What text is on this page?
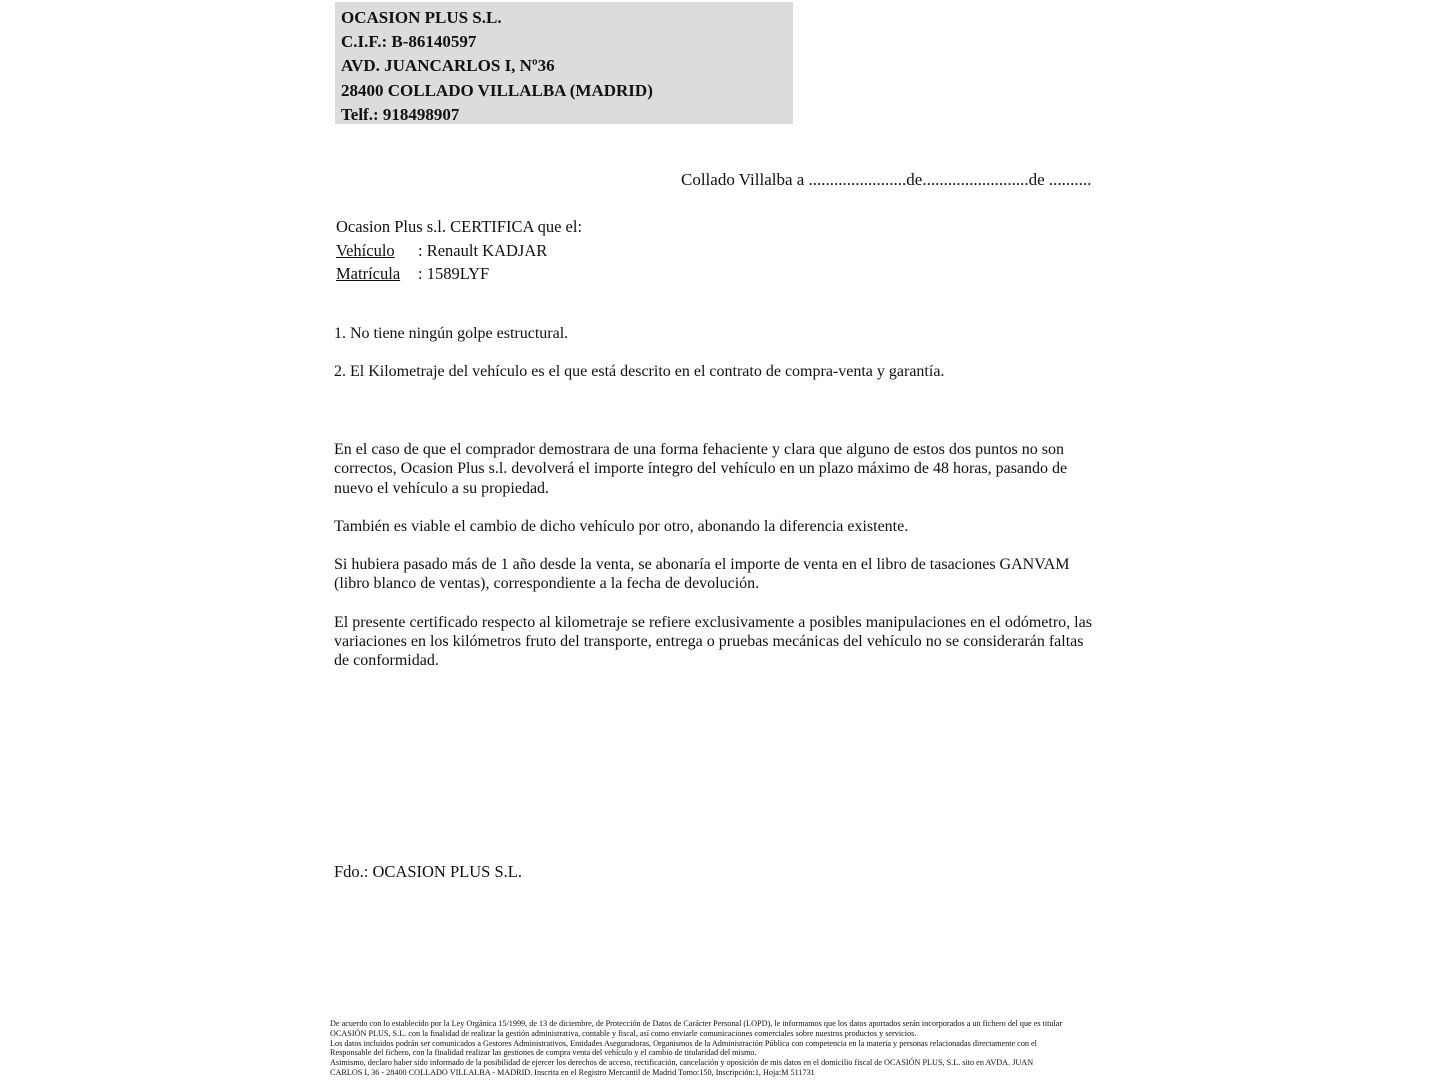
OCASION PLUS S.L.
C.I.F.: B-86140597
AVD. JUANCARLOS I, Nº36
28400 COLLADO VILLALBA (MADRID)
Telf.: 918498907
Collado Villalba a .......................de.........................de ..........
Ocasion Plus s.l. CERTIFICA que el:
Vehículo : Renault KADJAR
Matrícula : 1589LYF

1. No tiene ningún golpe estructural.

2. El Kilometraje del vehículo es el que está descrito en el contrato de compra-venta y garantía.

En el caso de que el comprador demostrara de una forma fehaciente y clara que alguno de estos dos puntos no son correctos, Ocasion Plus s.l. devolverá el importe íntegro del vehículo en un plazo máximo de 48 horas, pasando de nuevo el vehículo a su propiedad.

También es viable el cambio de dicho vehículo por otro, abonando la diferencia existente.

Si hubiera pasado más de 1 año desde la venta, se abonaría el importe de venta en el libro de tasaciones GANVAM (libro blanco de ventas), correspondiente a la fecha de devolución.

El presente certificado respecto al kilometraje se refiere exclusivamente a posibles manipulaciones en el odómetro, las variaciones en los kilómetros fruto del transporte, entrega o pruebas mecánicas del vehículo no se considerarán faltas de conformidad.

Fdo.: OCASION PLUS S.L.
De acuerdo con lo establecido por la Ley Orgánica 15/1999, de 13 de diciembre, de Protección de Datos de Carácter Personal (LOPD), le informamos que los datos aportados serán incorporados a un fichero del que es titular
OCASIÓN PLUS, S.L. con la finalidad de realizar la gestión administrativa, contable y fiscal, así como enviarle comunicaciones comerciales sobre nuestros productos y servicios.
Los datos incluidos podrán ser comunicados a Gestores Administrativos, Entidades Aseguradoras, Organismos de la Administración Pública con competencia en la materia y personas relacionadas directamente con el
Responsable del fichero, con la finalidad realizar las gestiones de compra venta del vehículo y el cambio de titularidad del mismo.
Asimismo, declaro haber sido informado de la posibilidad de ejercer los derechos de acceso, rectificación, cancelación y oposición de mis datos en el domicilio fiscal de OCASIÓN PLUS, S.L. sito en AVDA. JUAN
CARLOS I, 36 - 28400 COLLADO VILLALBA - MADRID. Inscrita en el Registro Mercantil de Madrid Tomo:150, Inscripción:1, Hoja:M 511731
